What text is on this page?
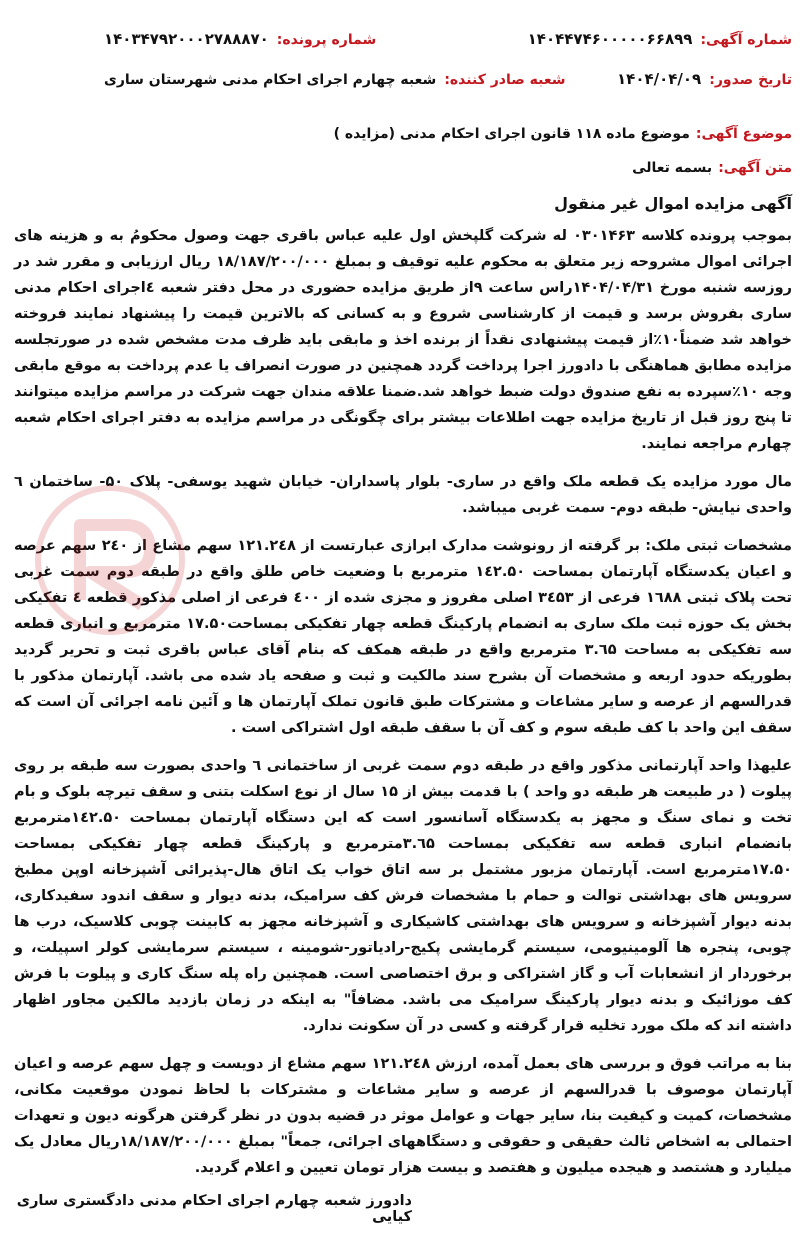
شماره آگهی:
۱۴۰۴۴۷۴۶۰۰۰۰۰۶۶۸۹۹
شماره پرونده:
۱۴۰۳۴۷۹۲۰۰۰۲۷۸۸۸۷۰
تاریخ صدور:
۱۴۰۴/۰۴/۰۹
شعبه صادر کننده:
شعبه چهارم اجرای احکام مدنی شهرستان ساری
موضوع آگهی:
موضوع ماده ۱۱۸ قانون اجرای احکام مدنی (مزایده )
متن آگهی:
بسمه تعالی
آگهی مزایده اموال غیر منقول

بموجب پرونده کلاسه ۰۳۰۱۴۶۳ له شرکت گلپخش اول علیه عباس باقری جهت وصول محکومُ به و هزینه های اجرائی اموال مشروحه زیر متعلق به محکوم علیه توقیف و بمبلغ ۱۸/۱۸۷/۲۰۰/۰۰۰ ریال ارزیابی و مقرر شد در روزسه شنبه مورخ ۱۴۰۴/۰۴/۳۱راس ساعت ۹از طریق مزایده حضوری در محل دفتر شعبه ٤اجرای احکام مدنی ساری بفروش برسد و قیمت از کارشناسی شروع و به کسانی که بالاترین قیمت را پیشنهاد نمایند فروخته خواهد شد ضمناً۱۰٪از قیمت پیشنهادی نقداً از برنده اخذ و مابقی باید ظرف مدت مشخص شده در صورتجلسه مزایده مطابق هماهنگی با دادورز اجرا پرداخت گردد همچنین در صورت انصراف یا عدم پرداخت به موقع مابقی وجه ۱۰٪سپرده به نفع صندوق دولت ضبط خواهد شد.ضمنا علاقه مندان جهت شرکت در مراسم مزایده میتوانند تا پنج روز قبل از تاریخ مزایده جهت اطلاعات بیشتر برای چگونگی در مراسم مزایده به دفتر اجرای احکام شعبه چهارم مراجعه نمایند.

مال مورد مزایده یک قطعه ملک واقع در ساری- بلوار پاسداران- خیابان شهید یوسفی- پلاک ۵۰- ساختمان ٦ واحدی نیایش- طبقه دوم- سمت غربی میباشد.

مشخصات ثبتی ملک: بر گرفته از رونوشت مدارک ابرازی عبارتست از ۱۲۱.۲٤۸ سهم مشاع از ۲٤۰ سهم عرصه و اعیان یکدستگاه آپارتمان بمساحت ۱٤۲.۵۰ مترمربع با وضعیت خاص طلق واقع در طبقه دوم سمت غربی تحت پلاک ثبتی ۱٦۸۸ فرعی از ۳٤۵۳ اصلی مفروز و مجزی شده از ٤۰۰ فرعی از اصلی مذکور قطعه ٤ تفکیکی بخش یک حوزه ثبت ملک ساری به انضمام پارکینگ قطعه چهار تفکیکی بمساحت۱۷.۵۰ مترمربع و انباری قطعه سه تفکیکی به مساحت ۳.٦۵ مترمربع واقع در طبقه همکف که بنام آقای عباس باقری ثبت و تحریر گردید بطوریکه حدود اربعه و مشخصات آن بشرح سند مالکیت و ثبت و صفحه یاد شده می باشد. آپارتمان مذکور با قدرالسهم از عرصه و سایر مشاعات و مشترکات طبق قانون تملک آپارتمان ها و آئین نامه اجرائی آن است که سقف این واحد با کف طبقه سوم و کف آن با سقف طبقه اول اشتراکی است .

علیهذا واحد آپارتمانی مذکور واقع در طبقه دوم سمت غربی از ساختمانی ٦ واحدی بصورت سه طبقه بر روی پیلوت ( در طبیعت هر طبقه دو واحد ) با قدمت بیش از ۱۵ سال از نوع اسکلت بتنی و سقف تیرچه بلوک و بام تخت و نمای سنگ و مجهز به یکدستگاه آسانسور است که این دستگاه آپارتمان بمساحت ۱٤۲.۵۰مترمربع بانضمام انباری قطعه سه تفکیکی بمساحت ۳.٦۵مترمربع و پارکینگ قطعه چهار تفکیکی بمساحت ۱۷.۵۰مترمربع است. آپارتمان مزبور مشتمل بر سه اتاق خواب یک اتاق هال-پذیرائی آشپزخانه اوپن مطبخ سرویس های بهداشتی توالت و حمام با مشخصات فرش کف سرامیک، بدنه دیوار و سقف اندود سفیدکاری، بدنه دیوار آشپزخانه و سرویس های بهداشتی کاشیکاری و آشپزخانه مجهز به کابینت چوبی کلاسیک، درب ها چوبی، پنجره ها آلومینیومی، سیستم گرمایشی پکیج-رادیاتور-شومینه ، سیستم سرمایشی کولر اسپیلت، و برخوردار از انشعابات آب و گاز اشتراکی و برق اختصاصی است. همچنین راه پله سنگ کاری و پیلوت با فرش کف موزائیک و بدنه دیوار پارکینگ سرامیک می باشد. مضافاً" به اینکه در زمان بازدید مالکین مجاور اظهار داشته اند که ملک مورد تخلیه قرار گرفته و کسی در آن سکونت ندارد.

بنا به مراتب فوق و بررسی های بعمل آمده، ارزش ۱۲۱.۲٤۸ سهم مشاع از دویست و چهل سهم عرصه و اعیان آپارتمان موصوف با قدرالسهم از عرصه و سایر مشاعات و مشترکات با لحاظ نمودن موقعیت مکانی، مشخصات، کمیت و کیفیت بنا، سایر جهات و عوامل موثر در قضیه بدون در نظر گرفتن هرگونه دیون و تعهدات احتمالی به اشخاص ثالث حقیقی و حقوقی و دستگاههای اجرائی، جمعاً" بمبلغ ۱۸/۱۸۷/۲۰۰/۰۰۰ریال معادل یک میلیارد و هشتصد و هیجده میلیون و هفتصد و بیست هزار تومان تعیین و اعلام گردید.

دادورز شعبه چهارم اجرای احکام مدنی دادگستری ساری کیایی
